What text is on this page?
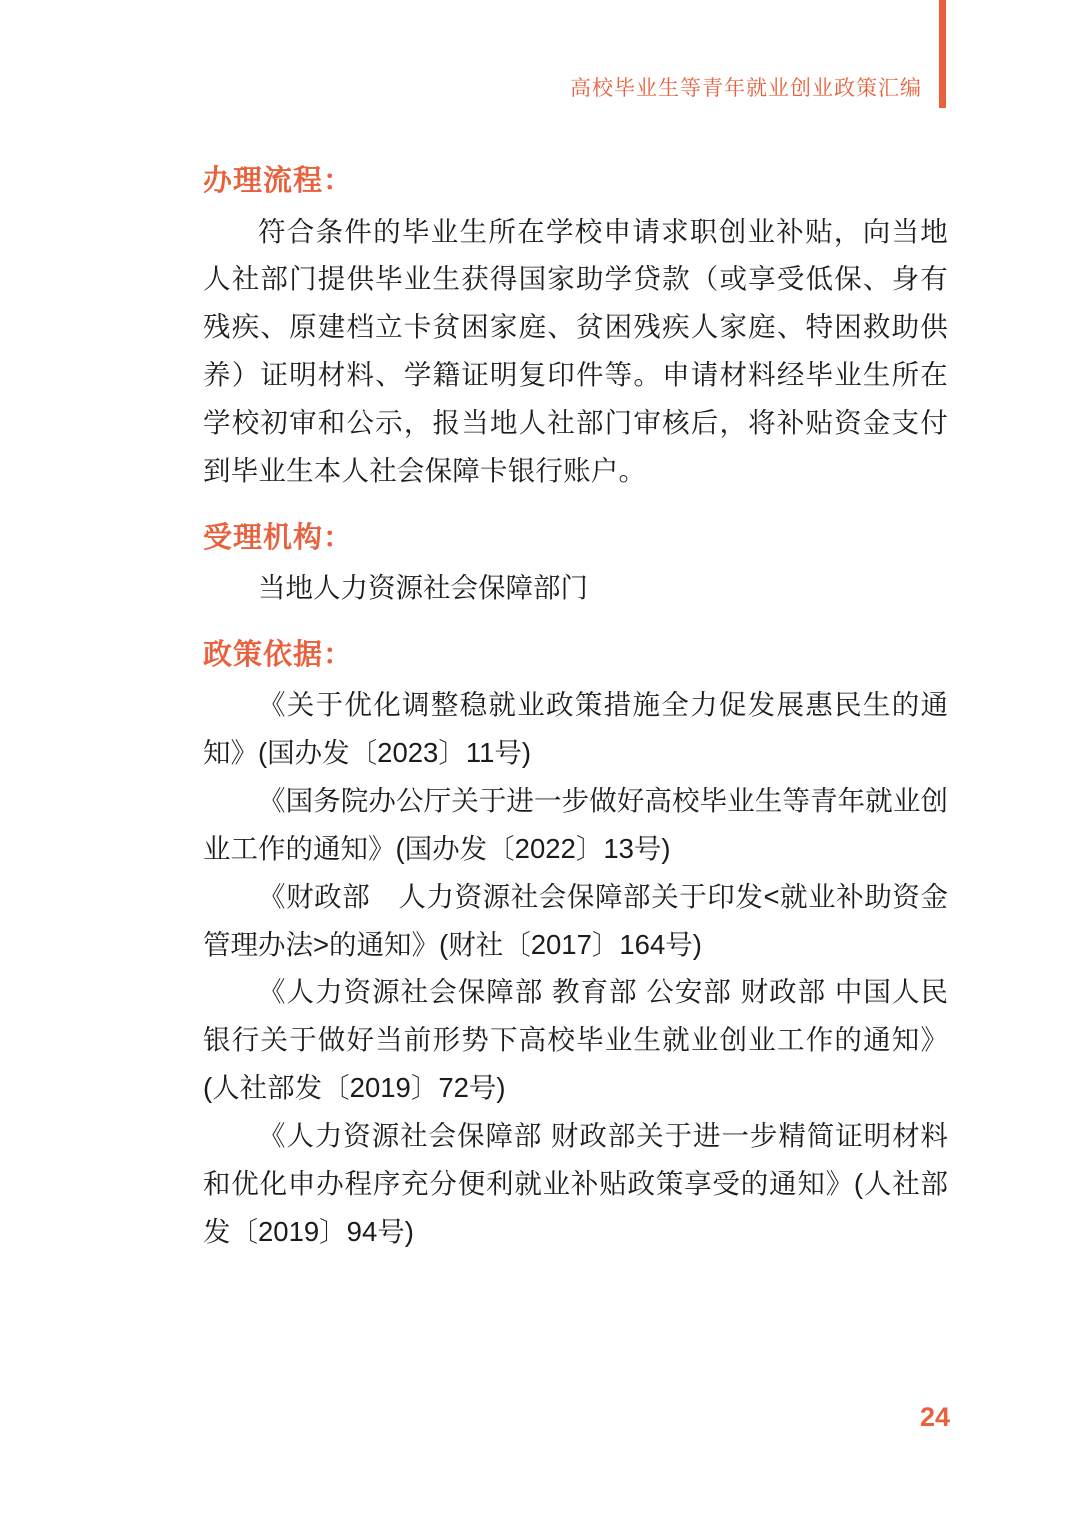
高校毕业生等青年就业创业政策汇编
办理流程：

符合条件的毕业生所在学校申请求职创业补贴，向当地人社部门提供毕业生获得国家助学贷款（或享受低保、身有残疾、原建档立卡贫困家庭、贫困残疾人家庭、特困救助供养）证明材料、学籍证明复印件等。申请材料经毕业生所在学校初审和公示，报当地人社部门审核后，将补贴资金支付到毕业生本人社会保障卡银行账户。

受理机构：

当地人力资源社会保障部门

政策依据：
《关于优化调整稳就业政策措施全力促发展惠民生的通知》(国办发〔2023〕11号)
《国务院办公厅关于进一步做好高校毕业生等青年就业创业工作的通知》(国办发〔2022〕13号)
《财政部　人力资源社会保障部关于印发<就业补助资金管理办法>的通知》(财社〔2017〕164号)
《人力资源社会保障部 教育部 公安部 财政部 中国人民银行关于做好当前形势下高校毕业生就业创业工作的通知》(人社部发〔2019〕72号)
《人力资源社会保障部 财政部关于进一步精简证明材料和优化申办程序充分便利就业补贴政策享受的通知》(人社部发〔2019〕94号)
24
